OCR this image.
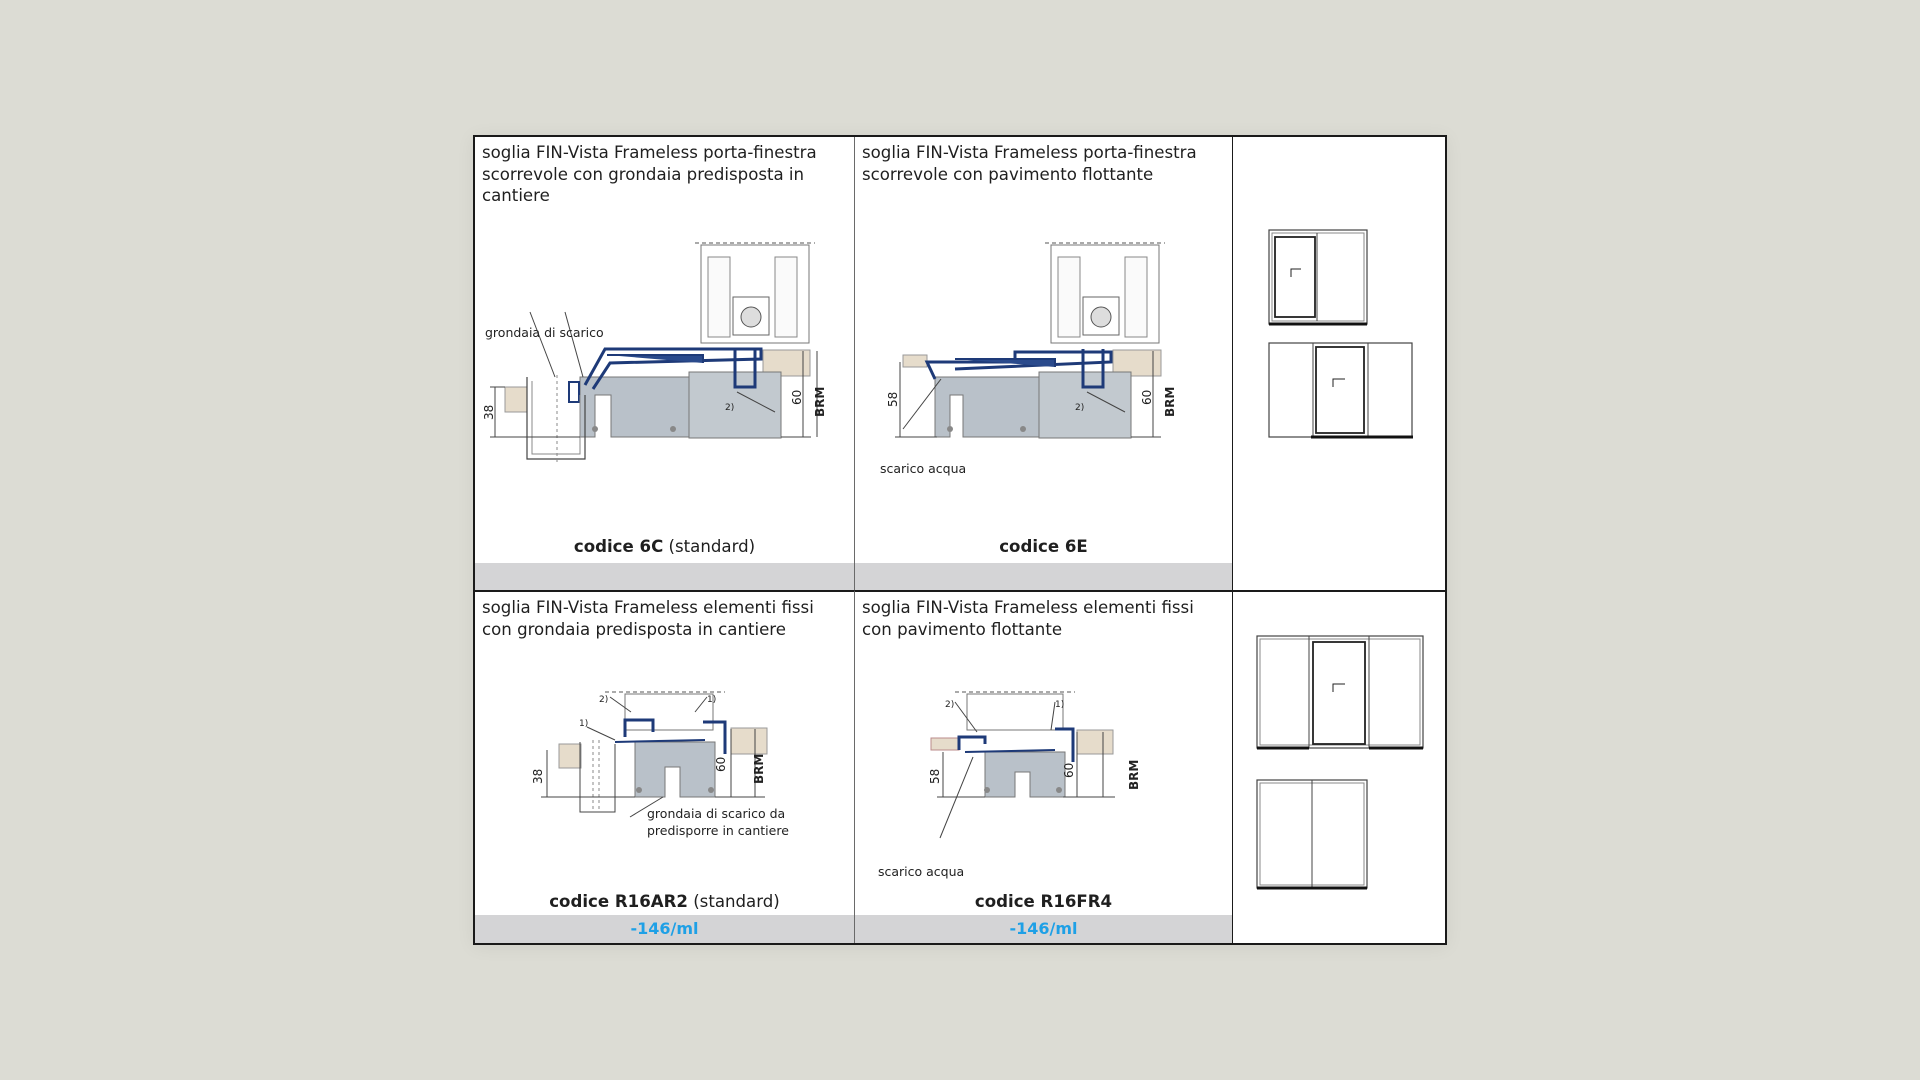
soglia FIN-Vista Frameless porta-finestra scorrevole con grondaia predisposta in cantiere
grondaia di scarico
2)
38
60 BRM
codice 6C (standard)
soglia FIN-Vista Frameless porta-finestra scorrevole con pavimento flottante
scarico acqua
2)
58	60 BRM
codice 6E
soglia FIN-Vista Frameless elementi fissi con grondaia predisposta in cantiere
2)	1)
1)
grondaia di scarico da
predisporre in cantiere
38
60 BRM
codice R16AR2 (standard)
-146/ml
soglia FIN-Vista Frameless elementi fissi con pavimento flottante
2)	1)
scarico acqua
58	60	BRM
codice R16FR4
-146/ml
